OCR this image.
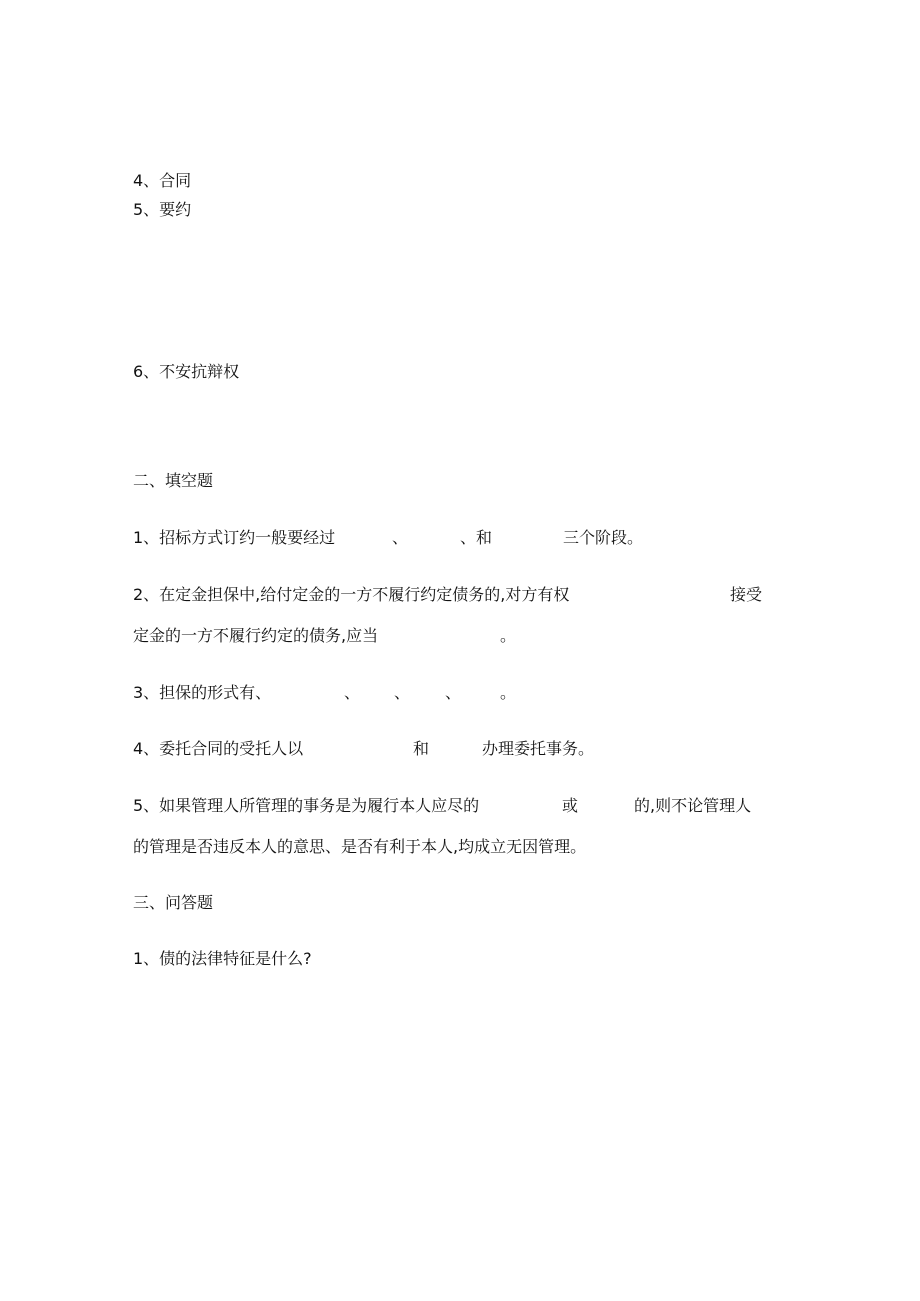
4、合同
5、要约
6、不安抗辩权
二、填空题
1、招标方式订约一般要经过	、	、和	三个阶段。
2、在定金担保中,给付定金的一方不履行约定债务的,对方有权	接受
定金的一方不履行约定的债务,应当	。
3、担保的形式有、	、 、 、 。
4、委托合同的受托人以	和	办理委托事务。
5、如果管理人所管理的事务是为履行本人应尽的	或	的,则不论管理人
的管理是否违反本人的意思、是否有利于本人,均成立无因管理。
三、问答题
1、债的法律特征是什么?
